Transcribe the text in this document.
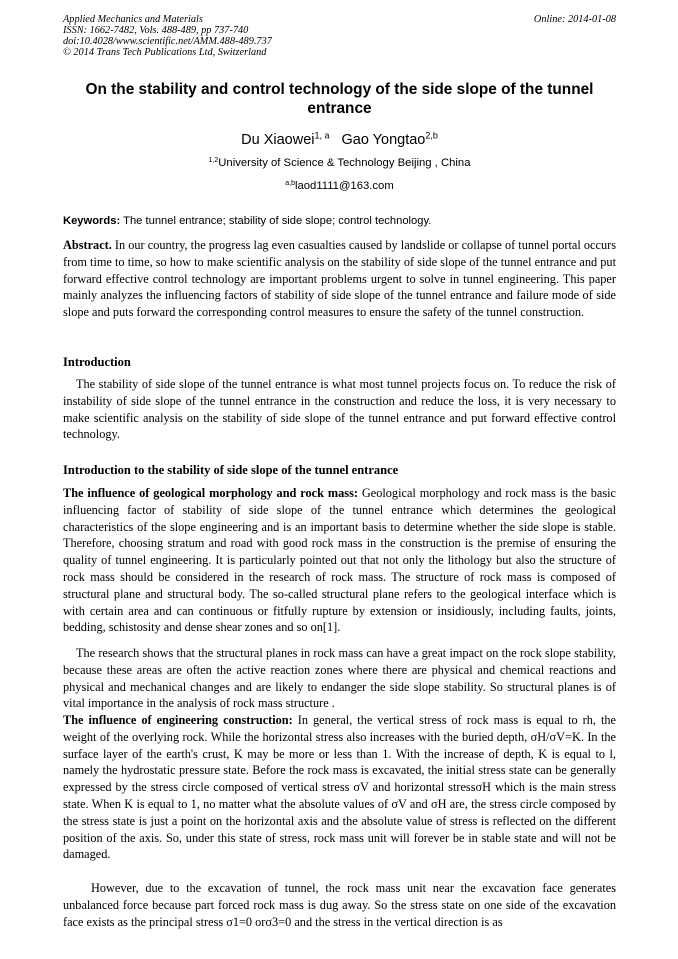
Applied Mechanics and Materials
ISSN: 1662-7482, Vols. 488-489, pp 737-740
doi:10.4028/www.scientific.net/AMM.488-489.737
© 2014 Trans Tech Publications Ltd, Switzerland
Online: 2014-01-08
On the stability and control technology of the side slope of the tunnel entrance
Du Xiaowei$^{1, a}$ Gao Yongtao$^{2,b}$
$^{1,2}$University of Science & Technology Beijing , China
$^{a,b}$laod1111@163.com
Keywords: The tunnel entrance; stability of side slope; control technology.
Abstract. In our country, the progress lag even casualties caused by landslide or collapse of tunnel portal occurs from time to time, so how to make scientific analysis on the stability of side slope of the tunnel entrance and put forward effective control technology are important problems urgent to solve in tunnel engineering. This paper mainly analyzes the influencing factors of stability of side slope of the tunnel entrance and failure mode of side slope and puts forward the corresponding control measures to ensure the safety of the tunnel construction.
Introduction
The stability of side slope of the tunnel entrance is what most tunnel projects focus on. To reduce the risk of instability of side slope of the tunnel entrance in the construction and reduce the loss, it is very necessary to make scientific analysis on the stability of side slope of the tunnel entrance and put forward effective control technology.
Introduction to the stability of side slope of the tunnel entrance
The influence of geological morphology and rock mass: Geological morphology and rock mass is the basic influencing factor of stability of side slope of the tunnel entrance which determines the geological characteristics of the slope engineering and is an important basis to determine whether the side slope is stable. Therefore, choosing stratum and road with good rock mass in the construction is the premise of ensuring the quality of tunnel engineering. It is particularly pointed out that not only the lithology but also the structure of rock mass should be considered in the research of rock mass. The structure of rock mass is composed of structural plane and structural body. The so-called structural plane refers to the geological interface which is with certain area and can continuous or fitfully rupture by extension or insidiously, including faults, joints, bedding, schistosity and dense shear zones and so on[1].
The research shows that the structural planes in rock mass can have a great impact on the rock slope stability, because these areas are often the active reaction zones where there are physical and chemical reactions and physical and mechanical changes and are likely to endanger the side slope stability. So structural planes is of vital importance in the analysis of rock mass structure .
The influence of engineering construction: In general, the vertical stress of rock mass is equal to rh, the weight of the overlying rock. While the horizontal stress also increases with the buried depth, σH/σV=K. In the surface layer of the earth's crust, K may be more or less than 1. With the increase of depth, K is equal to l, namely the hydrostatic pressure state. Before the rock mass is excavated, the initial stress state can be generally expressed by the stress circle composed of vertical stress σV and horizontal stressσH which is the main stress state. When K is equal to 1, no matter what the absolute values of σV and σH are, the stress circle composed by the stress state is just a point on the horizontal axis and the absolute value of stress is reflected on the different position of the axis. So, under this state of stress, rock mass unit will forever be in stable state and will not be damaged.
However, due to the excavation of tunnel, the rock mass unit near the excavation face generates unbalanced force because part forced rock mass is dug away. So the stress state on one side of the excavation face exists as the principal stress σ1=0 orσ3=0 and the stress in the vertical direction is as
